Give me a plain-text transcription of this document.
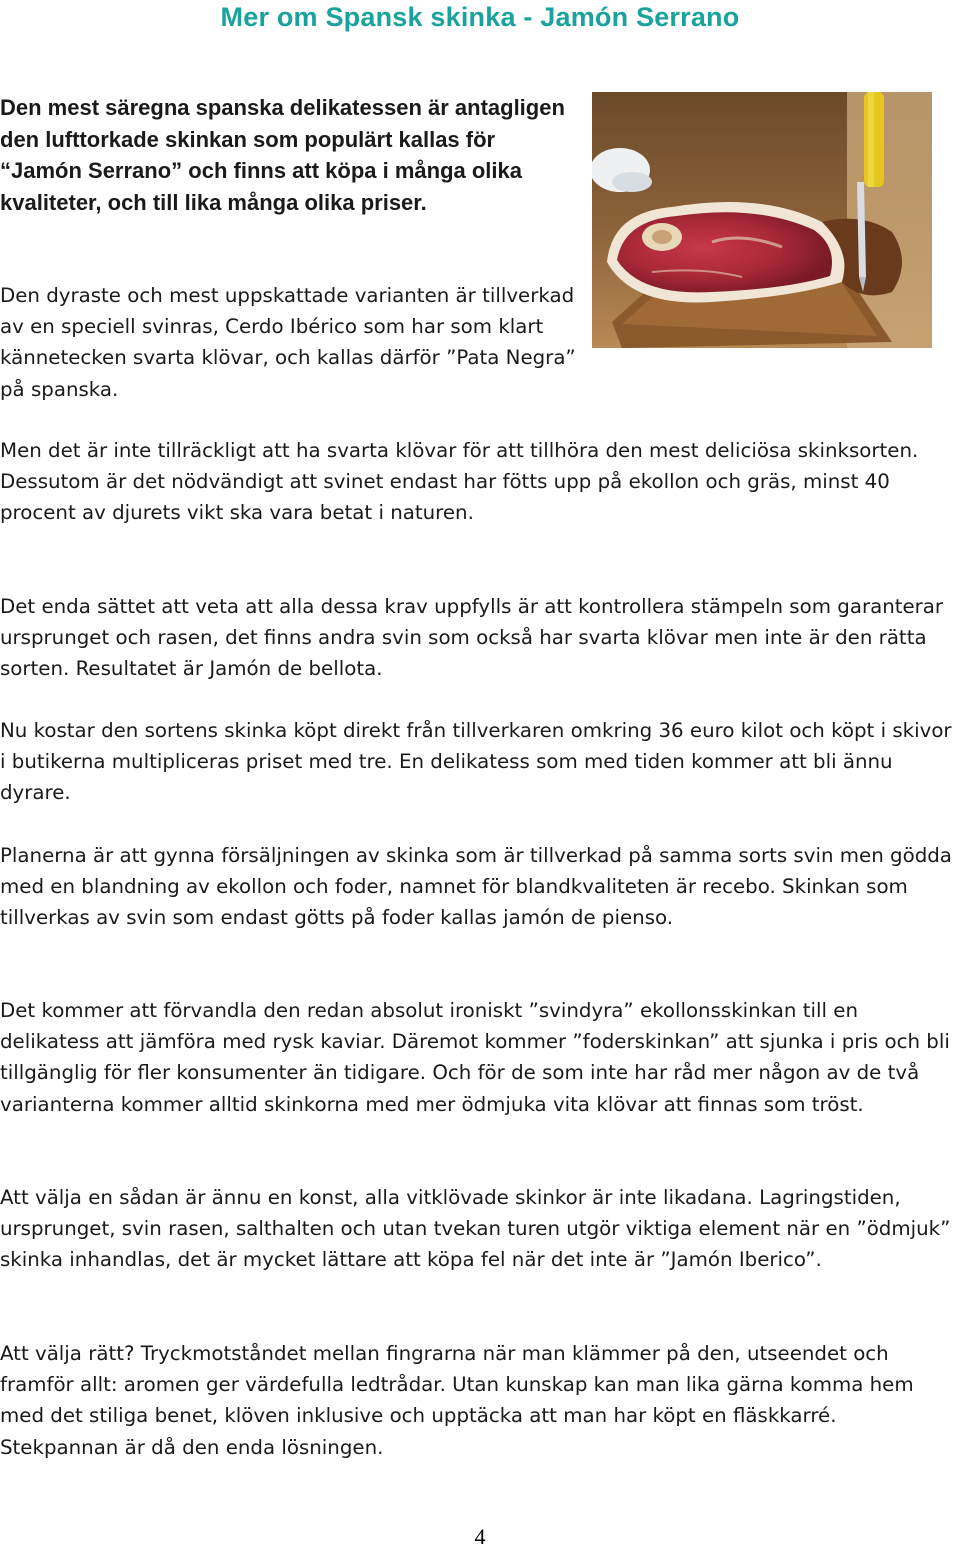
Mer om Spansk skinka - Jamón Serrano

Den mest säregna spanska delikatessen är antagligen den lufttorkade skinkan som populärt kallas för “Jamón Serrano” och finns att köpa i många olika kvaliteter, och till lika många olika priser.

Den dyraste och mest uppskattade varianten är tillverkad av en speciell svinras, Cerdo Ibérico som har som klart kännetecken svarta klövar, och kallas därför ”Pata Negra” på spanska.

Men det är inte tillräckligt att ha svarta klövar för att tillhöra den mest deliciösa skinksorten. Dessutom är det nödvändigt att svinet endast har fötts upp på ekollon och gräs, minst 40 procent av djurets vikt ska vara betat i naturen.

Det enda sättet att veta att alla dessa krav uppfylls är att kontrollera stämpeln som garanterar ursprunget och rasen, det finns andra svin som också har svarta klövar men inte är den rätta sorten. Resultatet är Jamón de bellota.

Nu kostar den sortens skinka köpt direkt från tillverkaren omkring 36 euro kilot och köpt i skivor i butikerna multipliceras priset med tre. En delikatess som med tiden kommer att bli ännu dyrare.

Planerna är att gynna försäljningen av skinka som är tillverkad på samma sorts svin men gödda med en blandning av ekollon och foder, namnet för blandkvaliteten är recebo. Skinkan som tillverkas av svin som endast götts på foder kallas jamón de pienso.

Det kommer att förvandla den redan absolut ironiskt ”svindyra” ekollonsskinkan till en delikatess att jämföra med rysk kaviar. Däremot kommer ”foderskinkan” att sjunka i pris och bli tillgänglig för fler konsumenter än tidigare. Och för de som inte har råd mer någon av de två varianterna kommer alltid skinkorna med mer ödmjuka vita klövar att finnas som tröst.

Att välja en sådan är ännu en konst, alla vitklövade skinkor är inte likadana. Lagringstiden, ursprunget, svin rasen, salthalten och utan tvekan turen utgör viktiga element när en ”ödmjuk” skinka inhandlas, det är mycket lättare att köpa fel när det inte är ”Jamón Iberico”.

Att välja rätt? Tryckmotståndet mellan fingrarna när man klämmer på den, utseendet och framför allt: aromen ger värdefulla ledtrådar. Utan kunskap kan man lika gärna komma hem med det stiliga benet, klöven inklusive och upptäcka att man har köpt en fläskkarré. Stekpannan är då den enda lösningen.

4
